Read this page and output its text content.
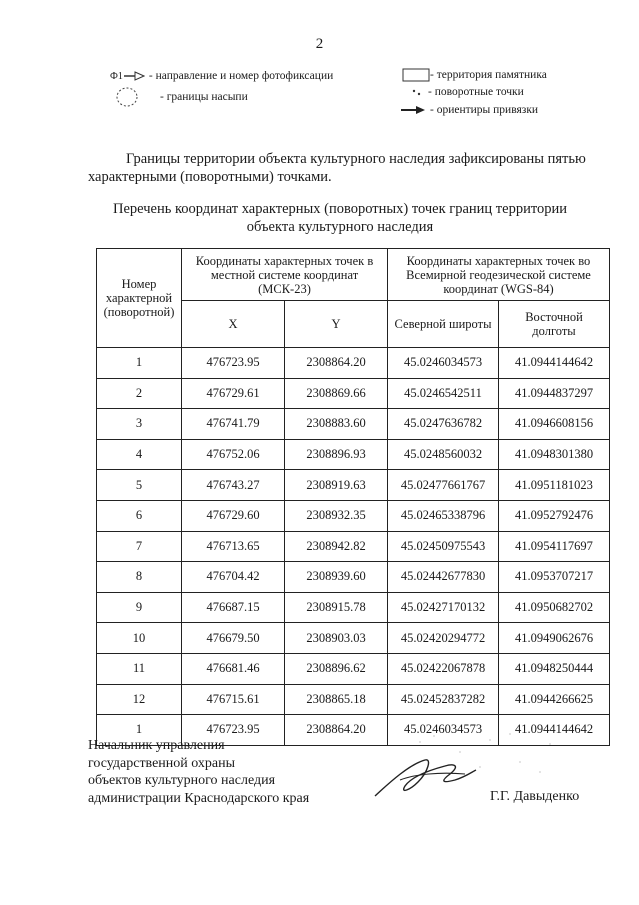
2
Ф1 - направление и номер фотофиксации
- границы насыпи
- территория памятника
- поворотные точки
- ориентиры привязки
Границы территории объекта культурного наследия зафиксированы пятью характерными (поворотными) точками.
Перечень координат характерных (поворотных) точек границ территории
объекта культурного наследия
Номер характерной (поворотной)	Координаты характерных точек в местной системе координат (МСК-23)		Координаты характерных точек во Всемирной геодезической системе координат (WGS-84)	
	X	Y	Северной широты	Восточной долготы
1	476723.95	2308864.20	45.0246034573	41.0944144642
2	476729.61	2308869.66	45.0246542511	41.0944837297
3	476741.79	2308883.60	45.0247636782	41.0946608156
4	476752.06	2308896.93	45.0248560032	41.0948301380
5	476743.27	2308919.63	45.02477661767	41.0951181023
6	476729.60	2308932.35	45.02465338796	41.0952792476
7	476713.65	2308942.82	45.02450975543	41.0954117697
8	476704.42	2308939.60	45.02442677830	41.0953707217
9	476687.15	2308915.78	45.02427170132	41.0950682702
10	476679.50	2308903.03	45.02420294772	41.0949062676
11	476681.46	2308896.62	45.02422067878	41.0948250444
12	476715.61	2308865.18	45.02452837282	41.0944266625
1	476723.95	2308864.20	45.0246034573	41.0944144642
Начальник управления
государственной охраны
объектов культурного наследия
администрации Краснодарского края	Г.Г. Давыденко
